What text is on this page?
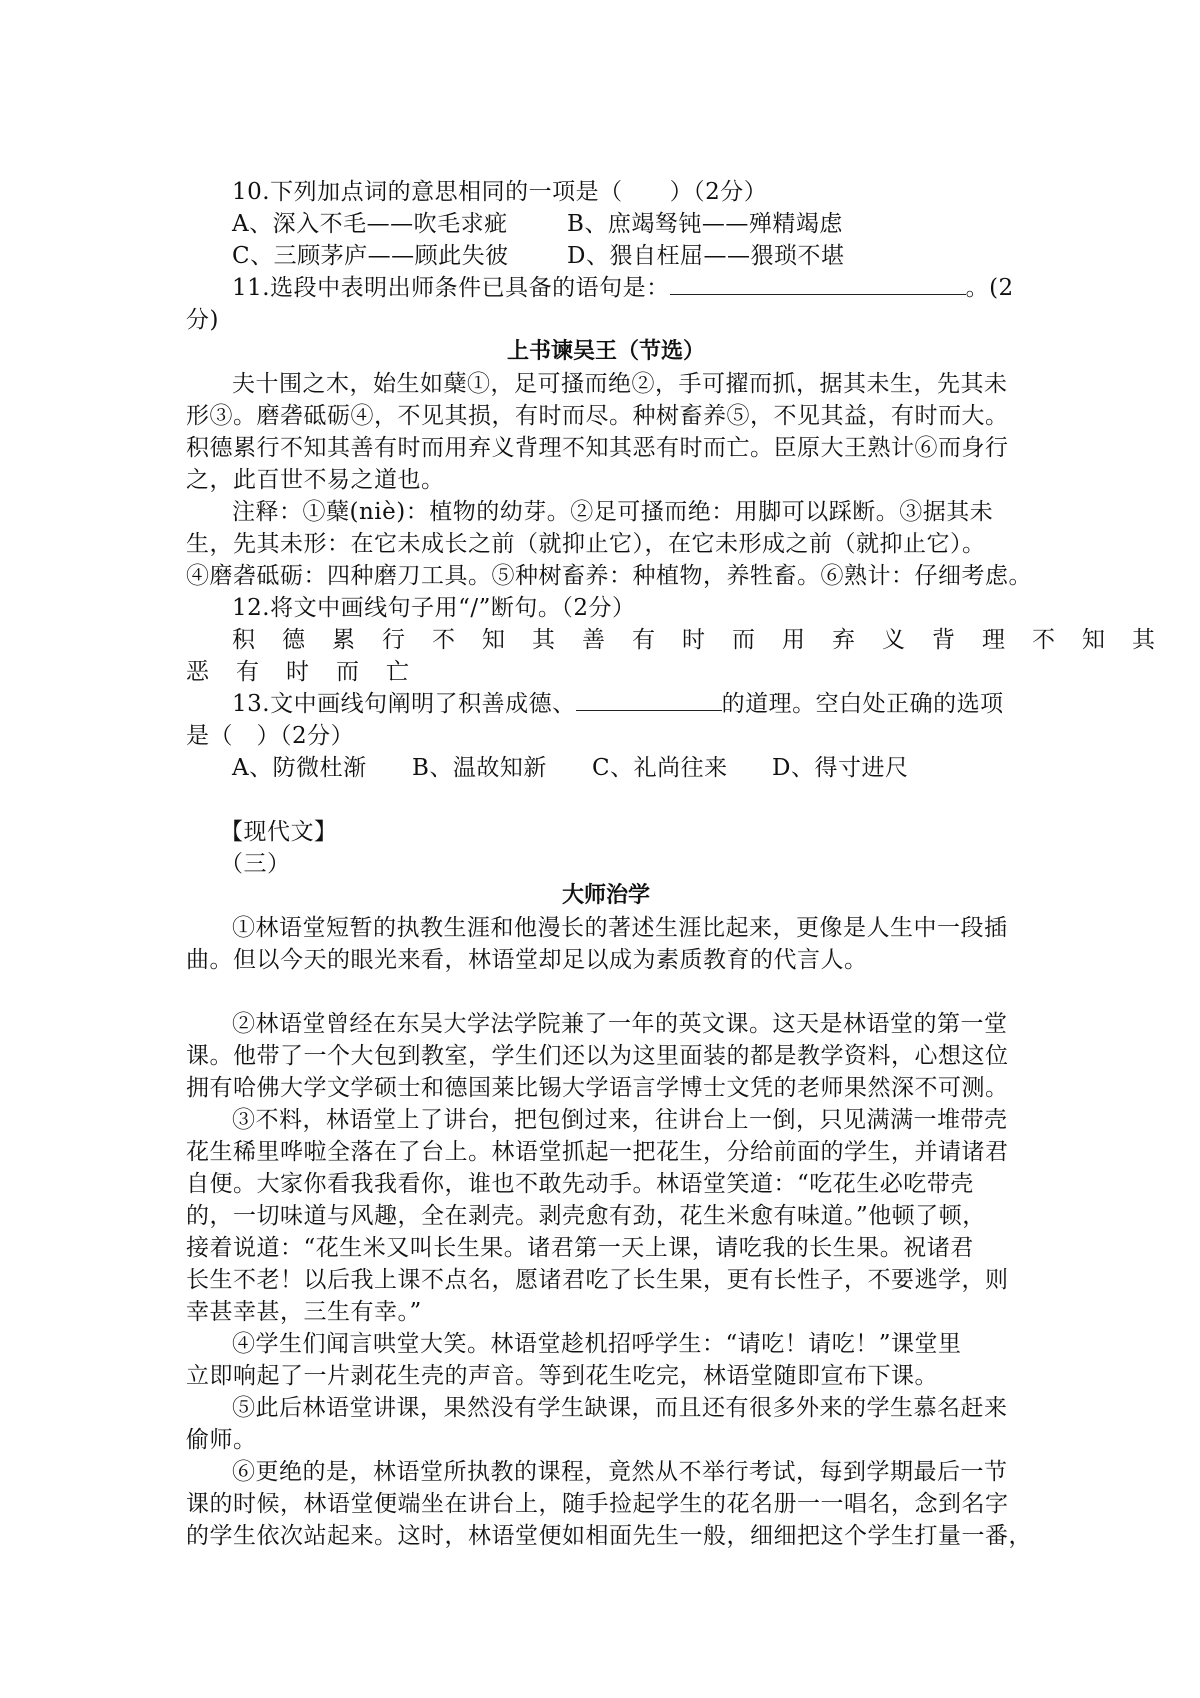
10.下列加点词的意思相同的一项是（　　）（2分）
A、深入不毛——吹毛求疵	B、庶竭驽钝——殚精竭虑
C、三顾茅庐——顾此失彼	D、猥自枉屈——猥琐不堪
11.选段中表明出师条件已具备的语句是：	。(2
分)
上书谏吴王（节选）
夫十围之木，始生如蘖①，足可搔而绝②，手可擢而抓，据其未生，先其未
形③。磨砻砥砺④，不见其损，有时而尽。种树畜养⑤，不见其益，有时而大。
积德累行不知其善有时而用弃义背理不知其恶有时而亡。臣原大王熟计⑥而身行
之，此百世不易之道也。
注释：①蘖(niè)：植物的幼芽。②足可搔而绝：用脚可以踩断。③据其未
生，先其未形：在它未成长之前（就抑止它），在它未形成之前（就抑止它）。
④磨砻砥砺：四种磨刀工具。⑤种树畜养：种植物，养牲畜。⑥熟计：仔细考虑。
12.将文中画线句子用“/”断句。（2分）
积德累行不知其善有时而用弃义背理不知其
恶有时而亡
13.文中画线句阐明了积善成德、	的道理。空白处正确的选项
是（　）（2分）
A、防微杜渐 B、温故知新 C、礼尚往来 D、得寸进尺
【现代文】
（三）
大师治学
①林语堂短暂的执教生涯和他漫长的著述生涯比起来，更像是人生中一段插
曲。但以今天的眼光来看，林语堂却足以成为素质教育的代言人。
②林语堂曾经在东吴大学法学院兼了一年的英文课。这天是林语堂的第一堂
课。他带了一个大包到教室，学生们还以为这里面装的都是教学资料，心想这位
拥有哈佛大学文学硕士和德国莱比锡大学语言学博士文凭的老师果然深不可测。
③不料，林语堂上了讲台，把包倒过来，往讲台上一倒，只见满满一堆带壳
花生稀里哗啦全落在了台上。林语堂抓起一把花生，分给前面的学生，并请诸君
自便。大家你看我我看你，谁也不敢先动手。林语堂笑道：“吃花生必吃带壳
的，一切味道与风趣，全在剥壳。剥壳愈有劲，花生米愈有味道。”他顿了顿，
接着说道：“花生米又叫长生果。诸君第一天上课，请吃我的长生果。祝诸君
长生不老！以后我上课不点名，愿诸君吃了长生果，更有长性子，不要逃学，则
幸甚幸甚，三生有幸。”
④学生们闻言哄堂大笑。林语堂趁机招呼学生：“请吃！请吃！”课堂里
立即响起了一片剥花生壳的声音。等到花生吃完，林语堂随即宣布下课。
⑤此后林语堂讲课，果然没有学生缺课，而且还有很多外来的学生慕名赶来
偷师。
⑥更绝的是，林语堂所执教的课程，竟然从不举行考试，每到学期最后一节
课的时候，林语堂便端坐在讲台上，随手捡起学生的花名册一一唱名，念到名字
的学生依次站起来。这时，林语堂便如相面先生一般，细细把这个学生打量一番，
